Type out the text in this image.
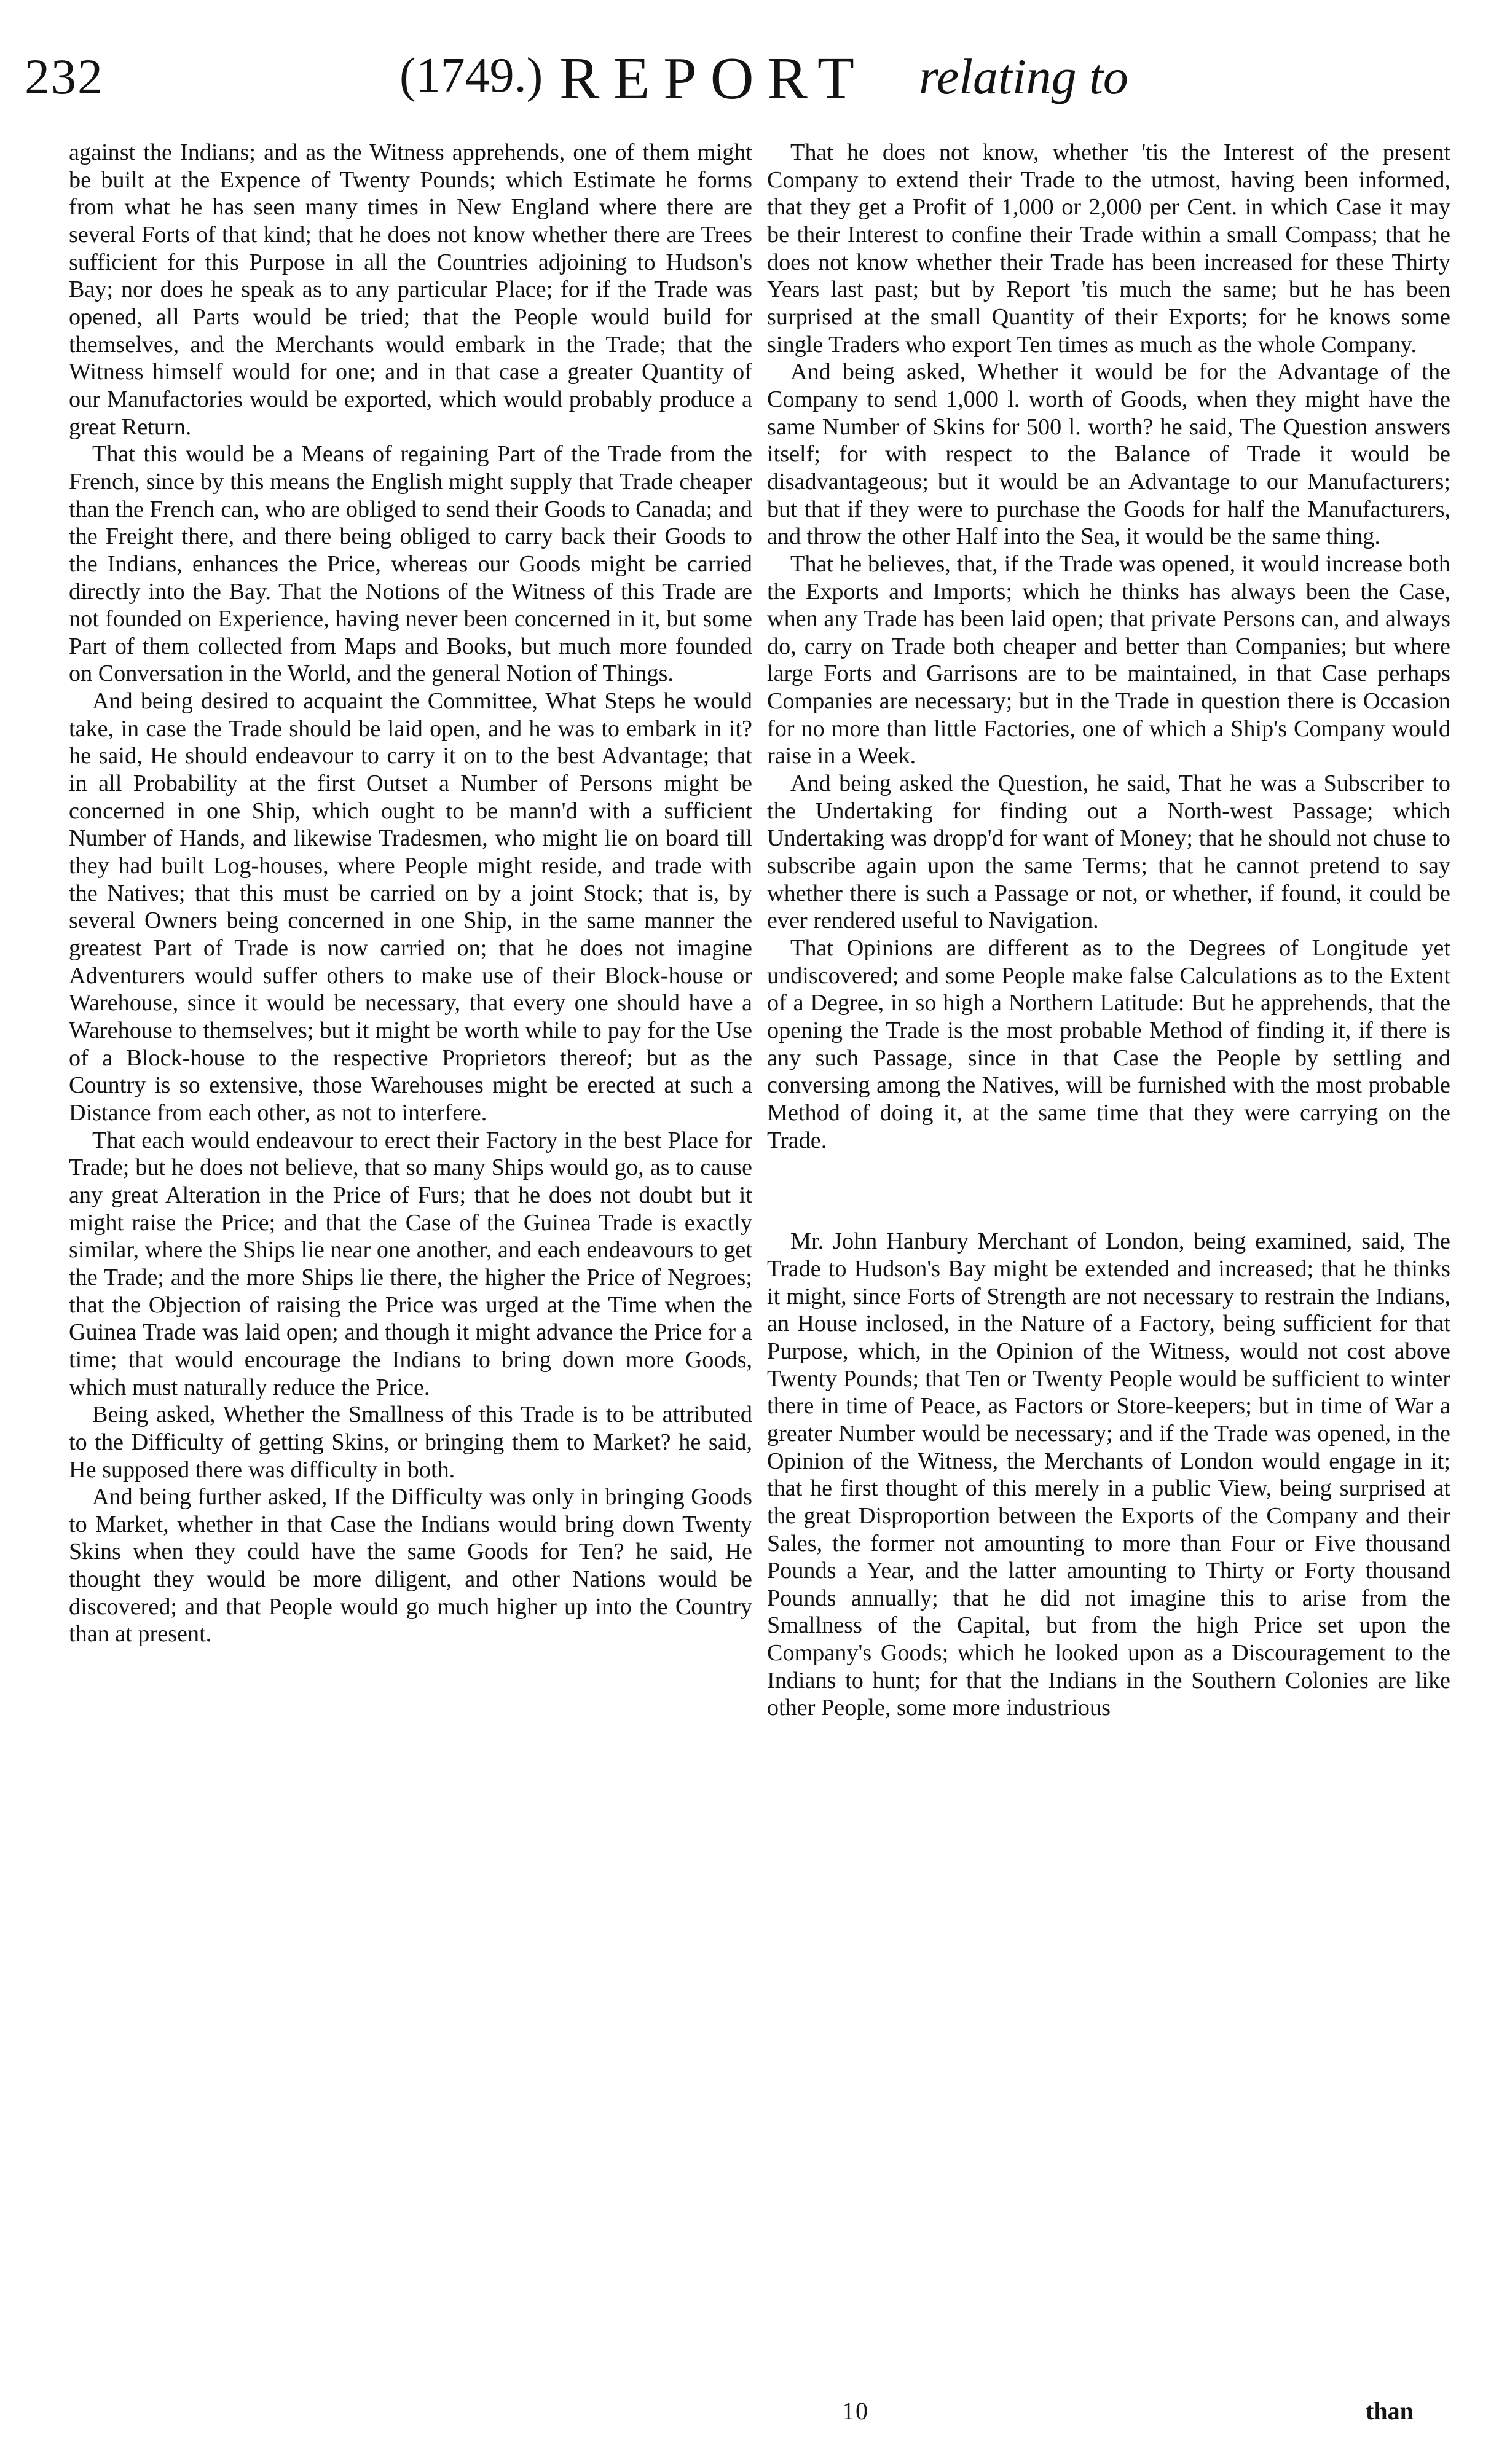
232	(1749.) REPORT relating to

against the Indians; and as the Witness apprehends, one of them might be built at the Expence of Twenty Pounds; which Estimate he forms from what he has seen many times in New England where there are several Forts of that kind; that he does not know whether there are Trees sufficient for this Purpose in all the Countries adjoining to Hudson's Bay; nor does he speak as to any particular Place; for if the Trade was opened, all Parts would be tried; that the People would build for themselves, and the Merchants would embark in the Trade; that the Witness himself would for one; and in that case a greater Quantity of our Manufactories would be exported, which would probably produce a great Return.

That this would be a Means of regaining Part of the Trade from the French, since by this means the English might supply that Trade cheaper than the French can, who are obliged to send their Goods to Canada; and the Freight there, and there being obliged to carry back their Goods to the Indians, enhances the Price, whereas our Goods might be carried directly into the Bay. That the Notions of the Witness of this Trade are not founded on Experience, having never been concerned in it, but some Part of them collected from Maps and Books, but much more founded on Conversation in the World, and the general Notion of Things.

And being desired to acquaint the Committee, What Steps he would take, in case the Trade should be laid open, and he was to embark in it? he said, He should endeavour to carry it on to the best Advantage; that in all Probability at the first Outset a Number of Persons might be concerned in one Ship, which ought to be mann'd with a sufficient Number of Hands, and likewise Tradesmen, who might lie on board till they had built Log-houses, where People might reside, and trade with the Natives; that this must be carried on by a joint Stock; that is, by several Owners being concerned in one Ship, in the same manner the greatest Part of Trade is now carried on; that he does not imagine Adventurers would suffer others to make use of their Block-house or Warehouse, since it would be necessary, that every one should have a Warehouse to themselves; but it might be worth while to pay for the Use of a Block-house to the respective Proprietors thereof; but as the Country is so extensive, those Warehouses might be erected at such a Distance from each other, as not to interfere.

That each would endeavour to erect their Factory in the best Place for Trade; but he does not believe, that so many Ships would go, as to cause any great Alteration in the Price of Furs; that he does not doubt but it might raise the Price; and that the Case of the Guinea Trade is exactly similar, where the Ships lie near one another, and each endeavours to get the Trade; and the more Ships lie there, the higher the Price of Negroes; that the Objection of raising the Price was urged at the Time when the Guinea Trade was laid open; and though it might advance the Price for a time; that would encourage the Indians to bring down more Goods, which must naturally reduce the Price.

Being asked, Whether the Smallness of this Trade is to be attributed to the Difficulty of getting Skins, or bringing them to Market? he said, He supposed there was difficulty in both.

And being further asked, If the Difficulty was only in bringing Goods to Market, whether in that Case the Indians would bring down Twenty Skins when they could have the same Goods for Ten? he said, He thought they would be more diligent, and other Nations would be discovered; and that People would go much higher up into the Country than at present.

That he does not know, whether 'tis the Interest of the present Company to extend their Trade to the utmost, having been informed, that they get a Profit of 1,000 or 2,000 per Cent. in which Case it may be their Interest to confine their Trade within a small Compass; that he does not know whether their Trade has been increased for these Thirty Years last past; but by Report 'tis much the same; but he has been surprised at the small Quantity of their Exports; for he knows some single Traders who export Ten times as much as the whole Company.

And being asked, Whether it would be for the Advantage of the Company to send 1,000 l. worth of Goods, when they might have the same Number of Skins for 500 l. worth? he said, The Question answers itself; for with respect to the Balance of Trade it would be disadvantageous; but it would be an Advantage to our Manufacturers; but that if they were to purchase the Goods for half the Manufacturers, and throw the other Half into the Sea, it would be the same thing.

That he believes, that, if the Trade was opened, it would increase both the Exports and Imports; which he thinks has always been the Case, when any Trade has been laid open; that private Persons can, and always do, carry on Trade both cheaper and better than Companies; but where large Forts and Garrisons are to be maintained, in that Case perhaps Companies are necessary; but in the Trade in question there is Occasion for no more than little Factories, one of which a Ship's Company would raise in a Week.

And being asked the Question, he said, That he was a Subscriber to the Undertaking for finding out a North-west Passage; which Undertaking was dropp'd for want of Money; that he should not chuse to subscribe again upon the same Terms; that he cannot pretend to say whether there is such a Passage or not, or whether, if found, it could be ever rendered useful to Navigation.

That Opinions are different as to the Degrees of Longitude yet undiscovered; and some People make false Calculations as to the Extent of a Degree, in so high a Northern Latitude: But he apprehends, that the opening the Trade is the most probable Method of finding it, if there is any such Passage, since in that Case the People by settling and conversing among the Natives, will be furnished with the most probable Method of doing it, at the same time that they were carrying on the Trade.

Mr. John Hanbury Merchant of London, being examined, said, The Trade to Hudson's Bay might be extended and increased; that he thinks it might, since Forts of Strength are not necessary to restrain the Indians, an House inclosed, in the Nature of a Factory, being sufficient for that Purpose, which, in the Opinion of the Witness, would not cost above Twenty Pounds; that Ten or Twenty People would be sufficient to winter there in time of Peace, as Factors or Store-keepers; but in time of War a greater Number would be necessary; and if the Trade was opened, in the Opinion of the Witness, the Merchants of London would engage in it; that he first thought of this merely in a public View, being surprised at the great Disproportion between the Exports of the Company and their Sales, the former not amounting to more than Four or Five thousand Pounds a Year, and the latter amounting to Thirty or Forty thousand Pounds annually; that he did not imagine this to arise from the Smallness of the Capital, but from the high Price set upon the Company's Goods; which he looked upon as a Discouragement to the Indians to hunt; for that the Indians in the Southern Colonies are like other People, some more industrious

10	than
